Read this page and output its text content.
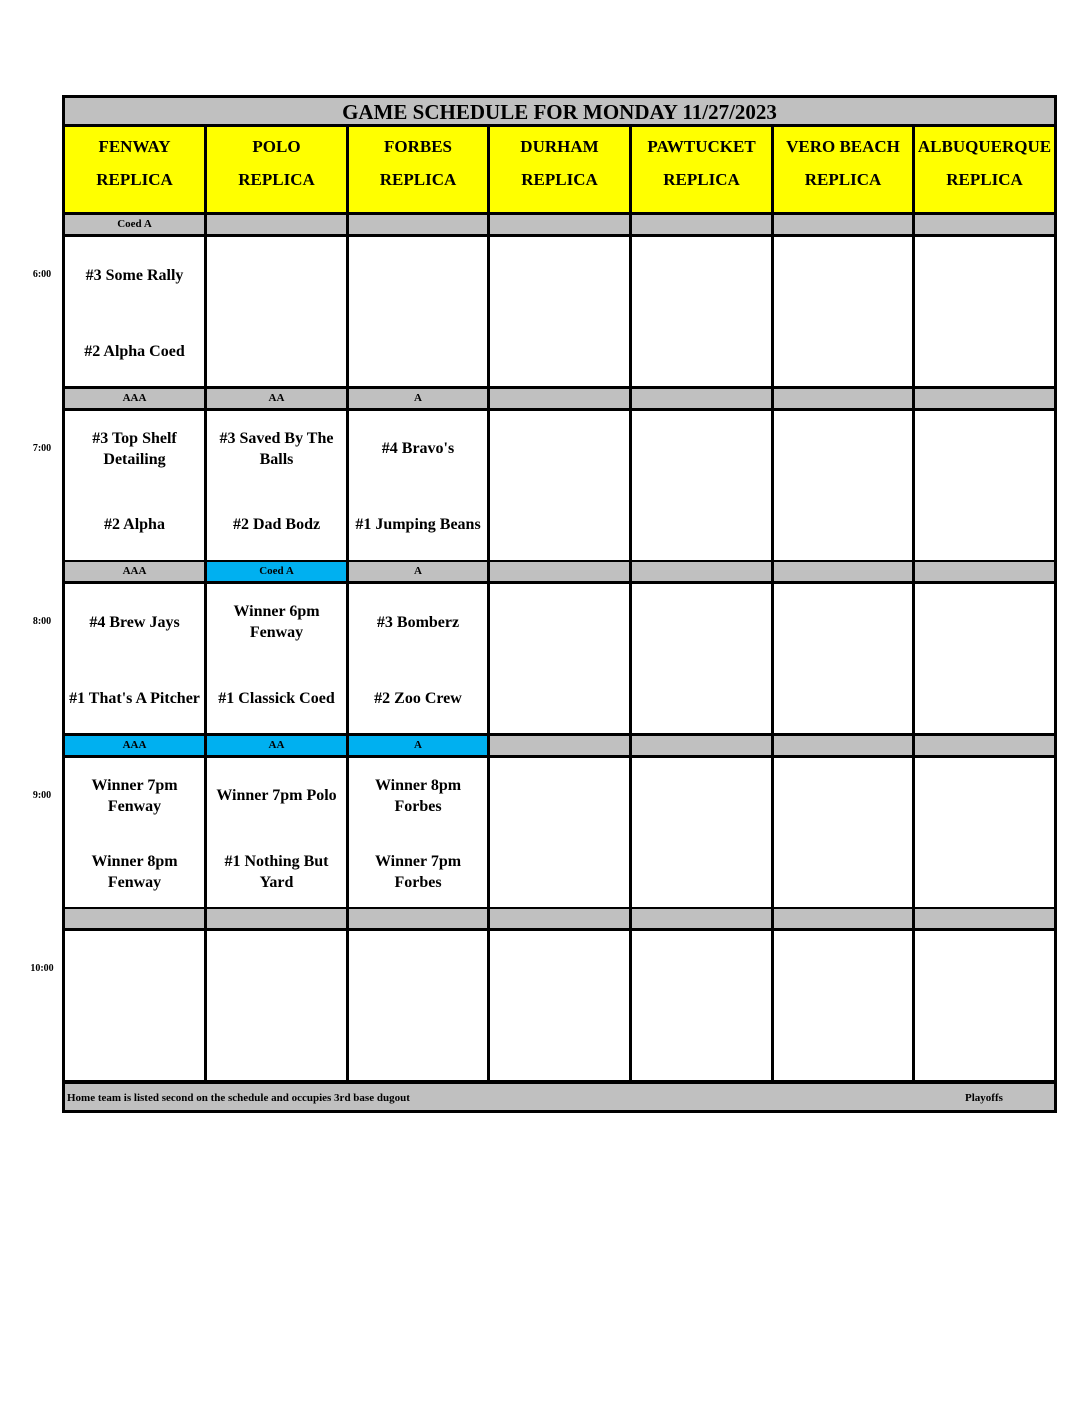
GAME SCHEDULE FOR MONDAY 11/27/2023
FENWAY
REPLICA
POLO
REPLICA
FORBES
REPLICA
DURHAM
REPLICA
PAWTUCKET
REPLICA
VERO BEACH
REPLICA
ALBUQUERQUE
REPLICA
Coed A
#3 Some Rally
#2 Alpha Coed
AAA
#3 Top Shelf Detailing
#2 Alpha
AA
#3 Saved By The Balls
#2 Dad Bodz
A
#4 Bravo's
#1 Jumping Beans
AAA
#4 Brew Jays
#1 That's A Pitcher
Coed A
Winner 6pm Fenway
#1 Classick Coed
A
#3 Bomberz
#2 Zoo Crew
AAA
Winner 7pm Fenway
Winner 8pm Fenway
AA
Winner 7pm Polo
#1 Nothing But Yard
A
Winner 8pm Forbes
Winner 7pm Forbes
Home team is listed second on the schedule and occupies 3rd base dugout	Playoffs
6:00
7:00
8:00
9:00
10:00
